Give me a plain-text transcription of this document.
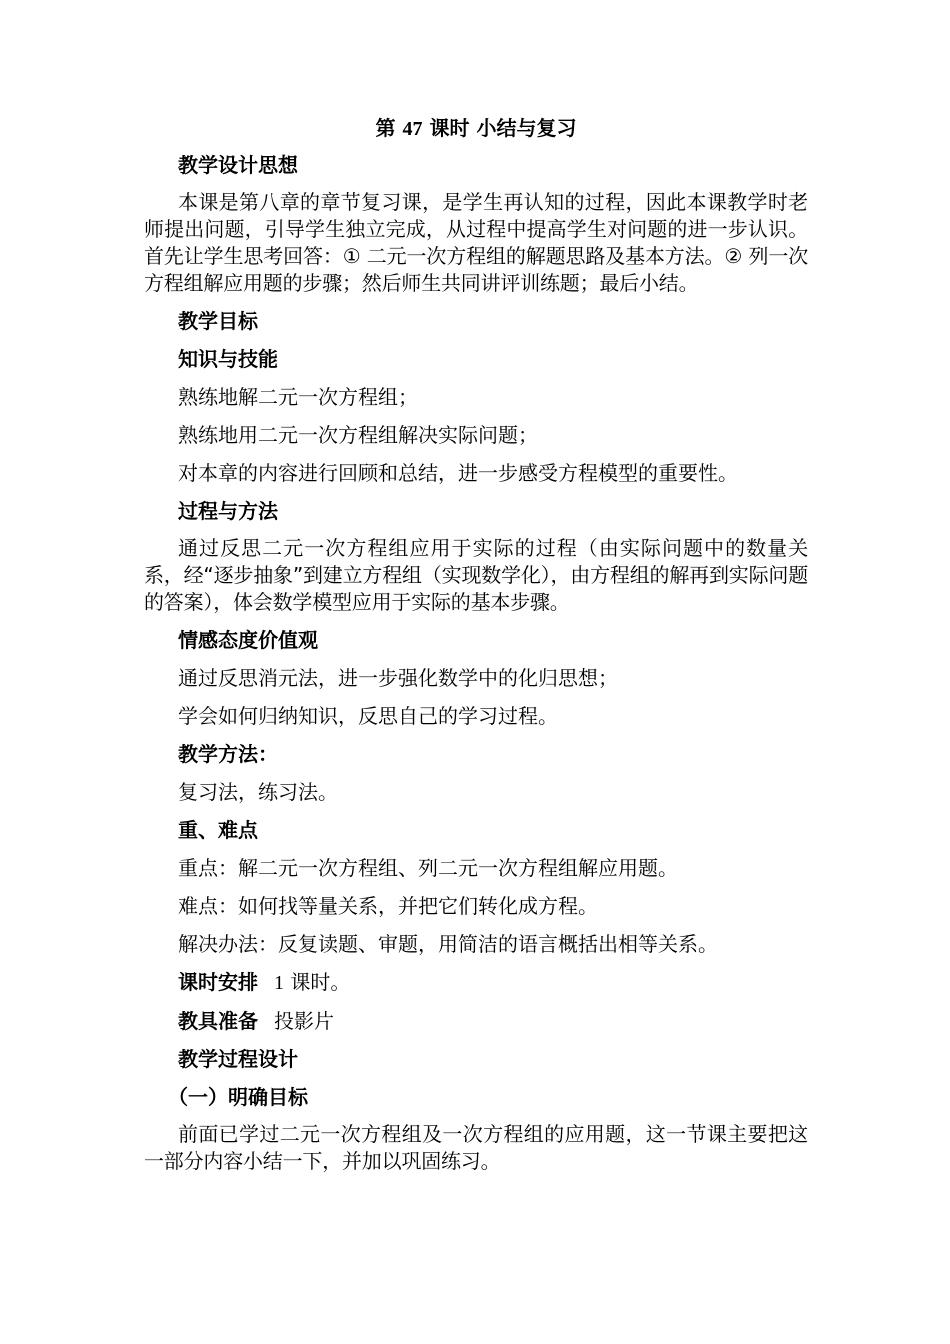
第 47 课时 小结与复习
教学设计思想
本课是第八章的章节复习课，是学生再认知的过程，因此本课教学时老师提出问题，引导学生独立完成，从过程中提高学生对问题的进一步认识。首先让学生思考回答：① 二元一次方程组的解题思路及基本方法。② 列一次方程组解应用题的步骤；然后师生共同讲评训练题；最后小结。
教学目标
知识与技能
熟练地解二元一次方程组；
熟练地用二元一次方程组解决实际问题；
对本章的内容进行回顾和总结，进一步感受方程模型的重要性。
过程与方法
通过反思二元一次方程组应用于实际的过程（由实际问题中的数量关系，经“逐步抽象”到建立方程组（实现数学化），由方程组的解再到实际问题的答案），体会数学模型应用于实际的基本步骤。
情感态度价值观
通过反思消元法，进一步强化数学中的化归思想；
学会如何归纳知识，反思自己的学习过程。
教学方法：
复习法，练习法。
重、难点
重点：解二元一次方程组、列二元一次方程组解应用题。
难点：如何找等量关系，并把它们转化成方程。
解决办法：反复读题、审题，用简洁的语言概括出相等关系。
课时安排 1 课时。
教具准备 投影片
教学过程设计
（一）明确目标
前面已学过二元一次方程组及一次方程组的应用题，这一节课主要把这一部分内容小结一下，并加以巩固练习。
